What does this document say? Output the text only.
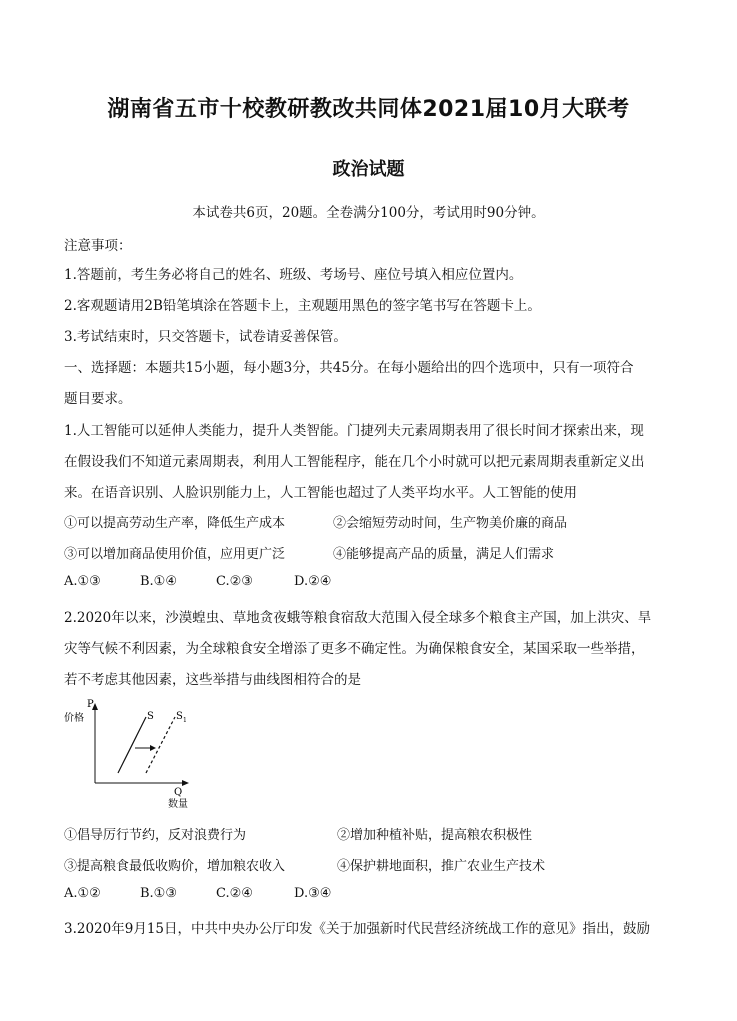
湖南省五市十校教研教改共同体2021届10月大联考
政治试题
本试卷共6页，20题。全卷满分100分，考试用时90分钟。
注意事项：
1.答题前，考生务必将自己的姓名、班级、考场号、座位号填入相应位置内。
2.客观题请用2B铅笔填涂在答题卡上，主观题用黑色的签字笔书写在答题卡上。
3.考试结束时，只交答题卡，试卷请妥善保管。
一、选择题：本题共15小题，每小题3分，共45分。在每小题给出的四个选项中，只有一项符合
题目要求。
1.人工智能可以延伸人类能力，提升人类智能。门捷列夫元素周期表用了很长时间才探索出来，现
在假设我们不知道元素周期表，利用人工智能程序，能在几个小时就可以把元素周期表重新定义出
来。在语音识别、人脸识别能力上，人工智能也超过了人类平均水平。人工智能的使用
①可以提高劳动生产率，降低生产成本	②会缩短劳动时间，生产物美价廉的商品
③可以增加商品使用价值，应用更广泛	④能够提高产品的质量，满足人们需求
A.①③	B.①④	C.②③	D.②④
2.2020年以来，沙漠蝗虫、草地贪夜蛾等粮食宿敌大范围入侵全球多个粮食主产国，加上洪灾、旱
灾等气候不利因素，为全球粮食安全增添了更多不确定性。为确保粮食安全，某国采取一些举措，
若不考虑其他因素，这些举措与曲线图相符合的是
P
价格
Q
数量
S S 1
①倡导厉行节约，反对浪费行为	②增加种植补贴，提高粮农积极性
③提高粮食最低收购价，增加粮农收入	④保护耕地面积，推广农业生产技术
A.①②	B.①③	C.②④	D.③④
3.2020年9月15日，中共中央办公厅印发《关于加强新时代民营经济统战工作的意见》指出，鼓励
